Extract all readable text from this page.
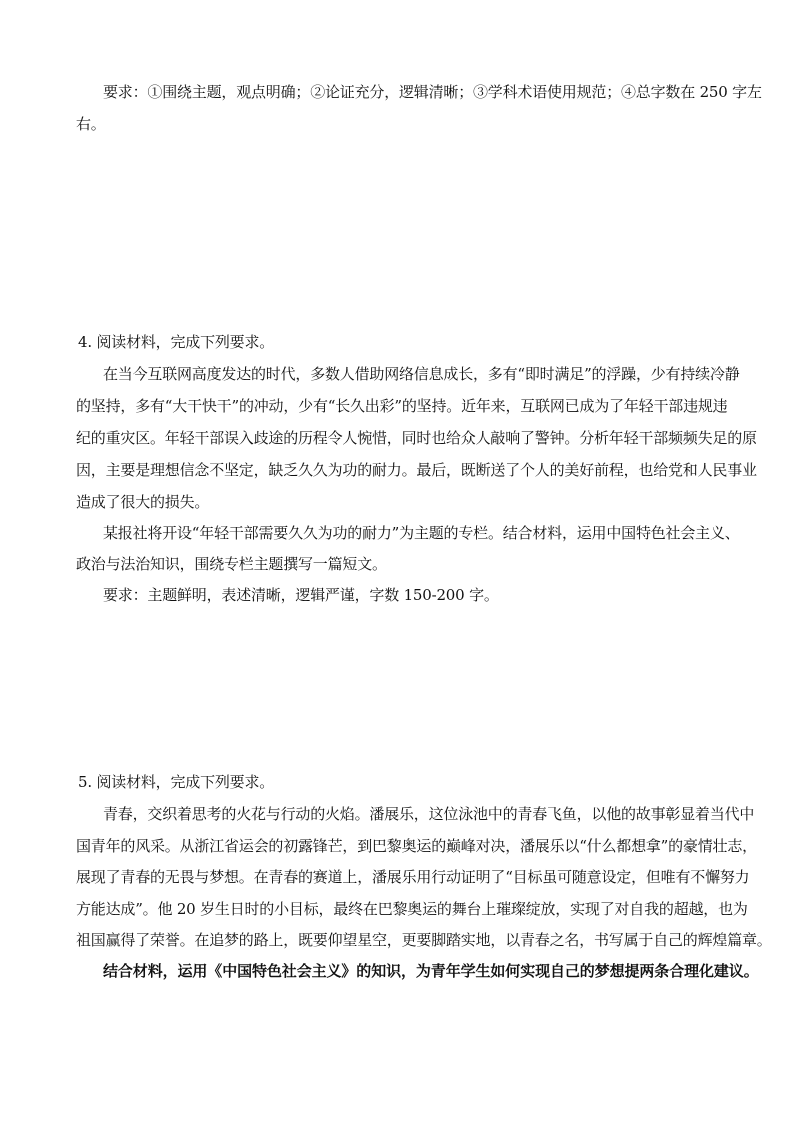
要求：①围绕主题，观点明确；②论证充分，逻辑清晰；③学科术语使用规范；④总字数在 250 字左
右。
4. 阅读材料，完成下列要求。
在当今互联网高度发达的时代，多数人借助网络信息成长，多有“即时满足”的浮躁，少有持续冷静
的坚持，多有“大干快干”的冲动，少有“长久出彩”的坚持。近年来，互联网已成为了年轻干部违规违
纪的重灾区。年轻干部误入歧途的历程令人惋惜，同时也给众人敲响了警钟。分析年轻干部频频失足的原
因，主要是理想信念不坚定，缺乏久久为功的耐力。最后，既断送了个人的美好前程，也给党和人民事业
造成了很大的损失。
某报社将开设“年轻干部需要久久为功的耐力”为主题的专栏。结合材料，运用中国特色社会主义、
政治与法治知识，围绕专栏主题撰写一篇短文。
要求：主题鲜明，表述清晰，逻辑严谨，字数 150-200 字。
5. 阅读材料，完成下列要求。
青春，交织着思考的火花与行动的火焰。潘展乐，这位泳池中的青春飞鱼，以他的故事彰显着当代中
国青年的风采。从浙江省运会的初露锋芒，到巴黎奥运的巅峰对决，潘展乐以“什么都想拿”的豪情壮志，
展现了青春的无畏与梦想。在青春的赛道上，潘展乐用行动证明了“目标虽可随意设定，但唯有不懈努力
方能达成”。他 20 岁生日时的小目标，最终在巴黎奥运的舞台上璀璨绽放，实现了对自我的超越，也为
祖国赢得了荣誉。在追梦的路上，既要仰望星空，更要脚踏实地，以青春之名，书写属于自己的辉煌篇章。
结合材料，运用《中国特色社会主义》的知识，为青年学生如何实现自己的梦想提两条合理化建议。
